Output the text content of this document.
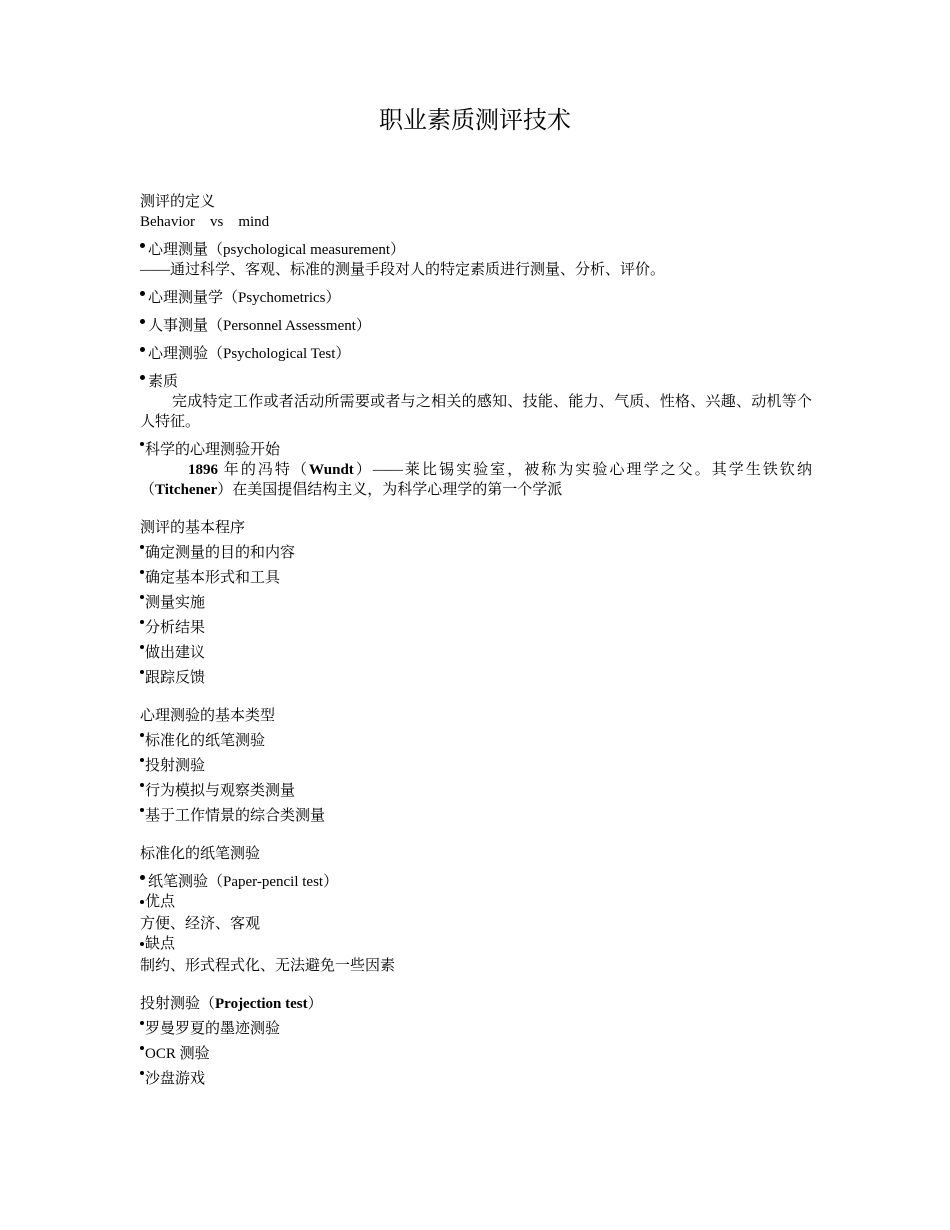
职业素质测评技术
测评的定义
Behavior    vs    mind
心理测量（psychological measurement）
——通过科学、客观、标准的测量手段对人的特定素质进行测量、分析、评价。
心理测量学（Psychometrics）
人事测量（Personnel Assessment）
心理测验（Psychological Test）
素质
完成特定工作或者活动所需要或者与之相关的感知、技能、能力、气质、性格、兴趣、动机等个人特征。
科学的心理测验开始
1896 年的冯特（Wundt）——莱比锡实验室，被称为实验心理学之父。其学生铁钦纳（Titchener）在美国提倡结构主义，为科学心理学的第一个学派
测评的基本程序
确定测量的目的和内容
确定基本形式和工具
测量实施
分析结果
做出建议
跟踪反馈
心理测验的基本类型
标准化的纸笔测验
投射测验
行为模拟与观察类测量
基于工作情景的综合类测量
标准化的纸笔测验
纸笔测验（Paper-pencil test）
优点
方便、经济、客观
缺点
制约、形式程式化、无法避免一些因素
投射测验（Projection test）
罗曼罗夏的墨迹测验
OCR 测验
沙盘游戏
